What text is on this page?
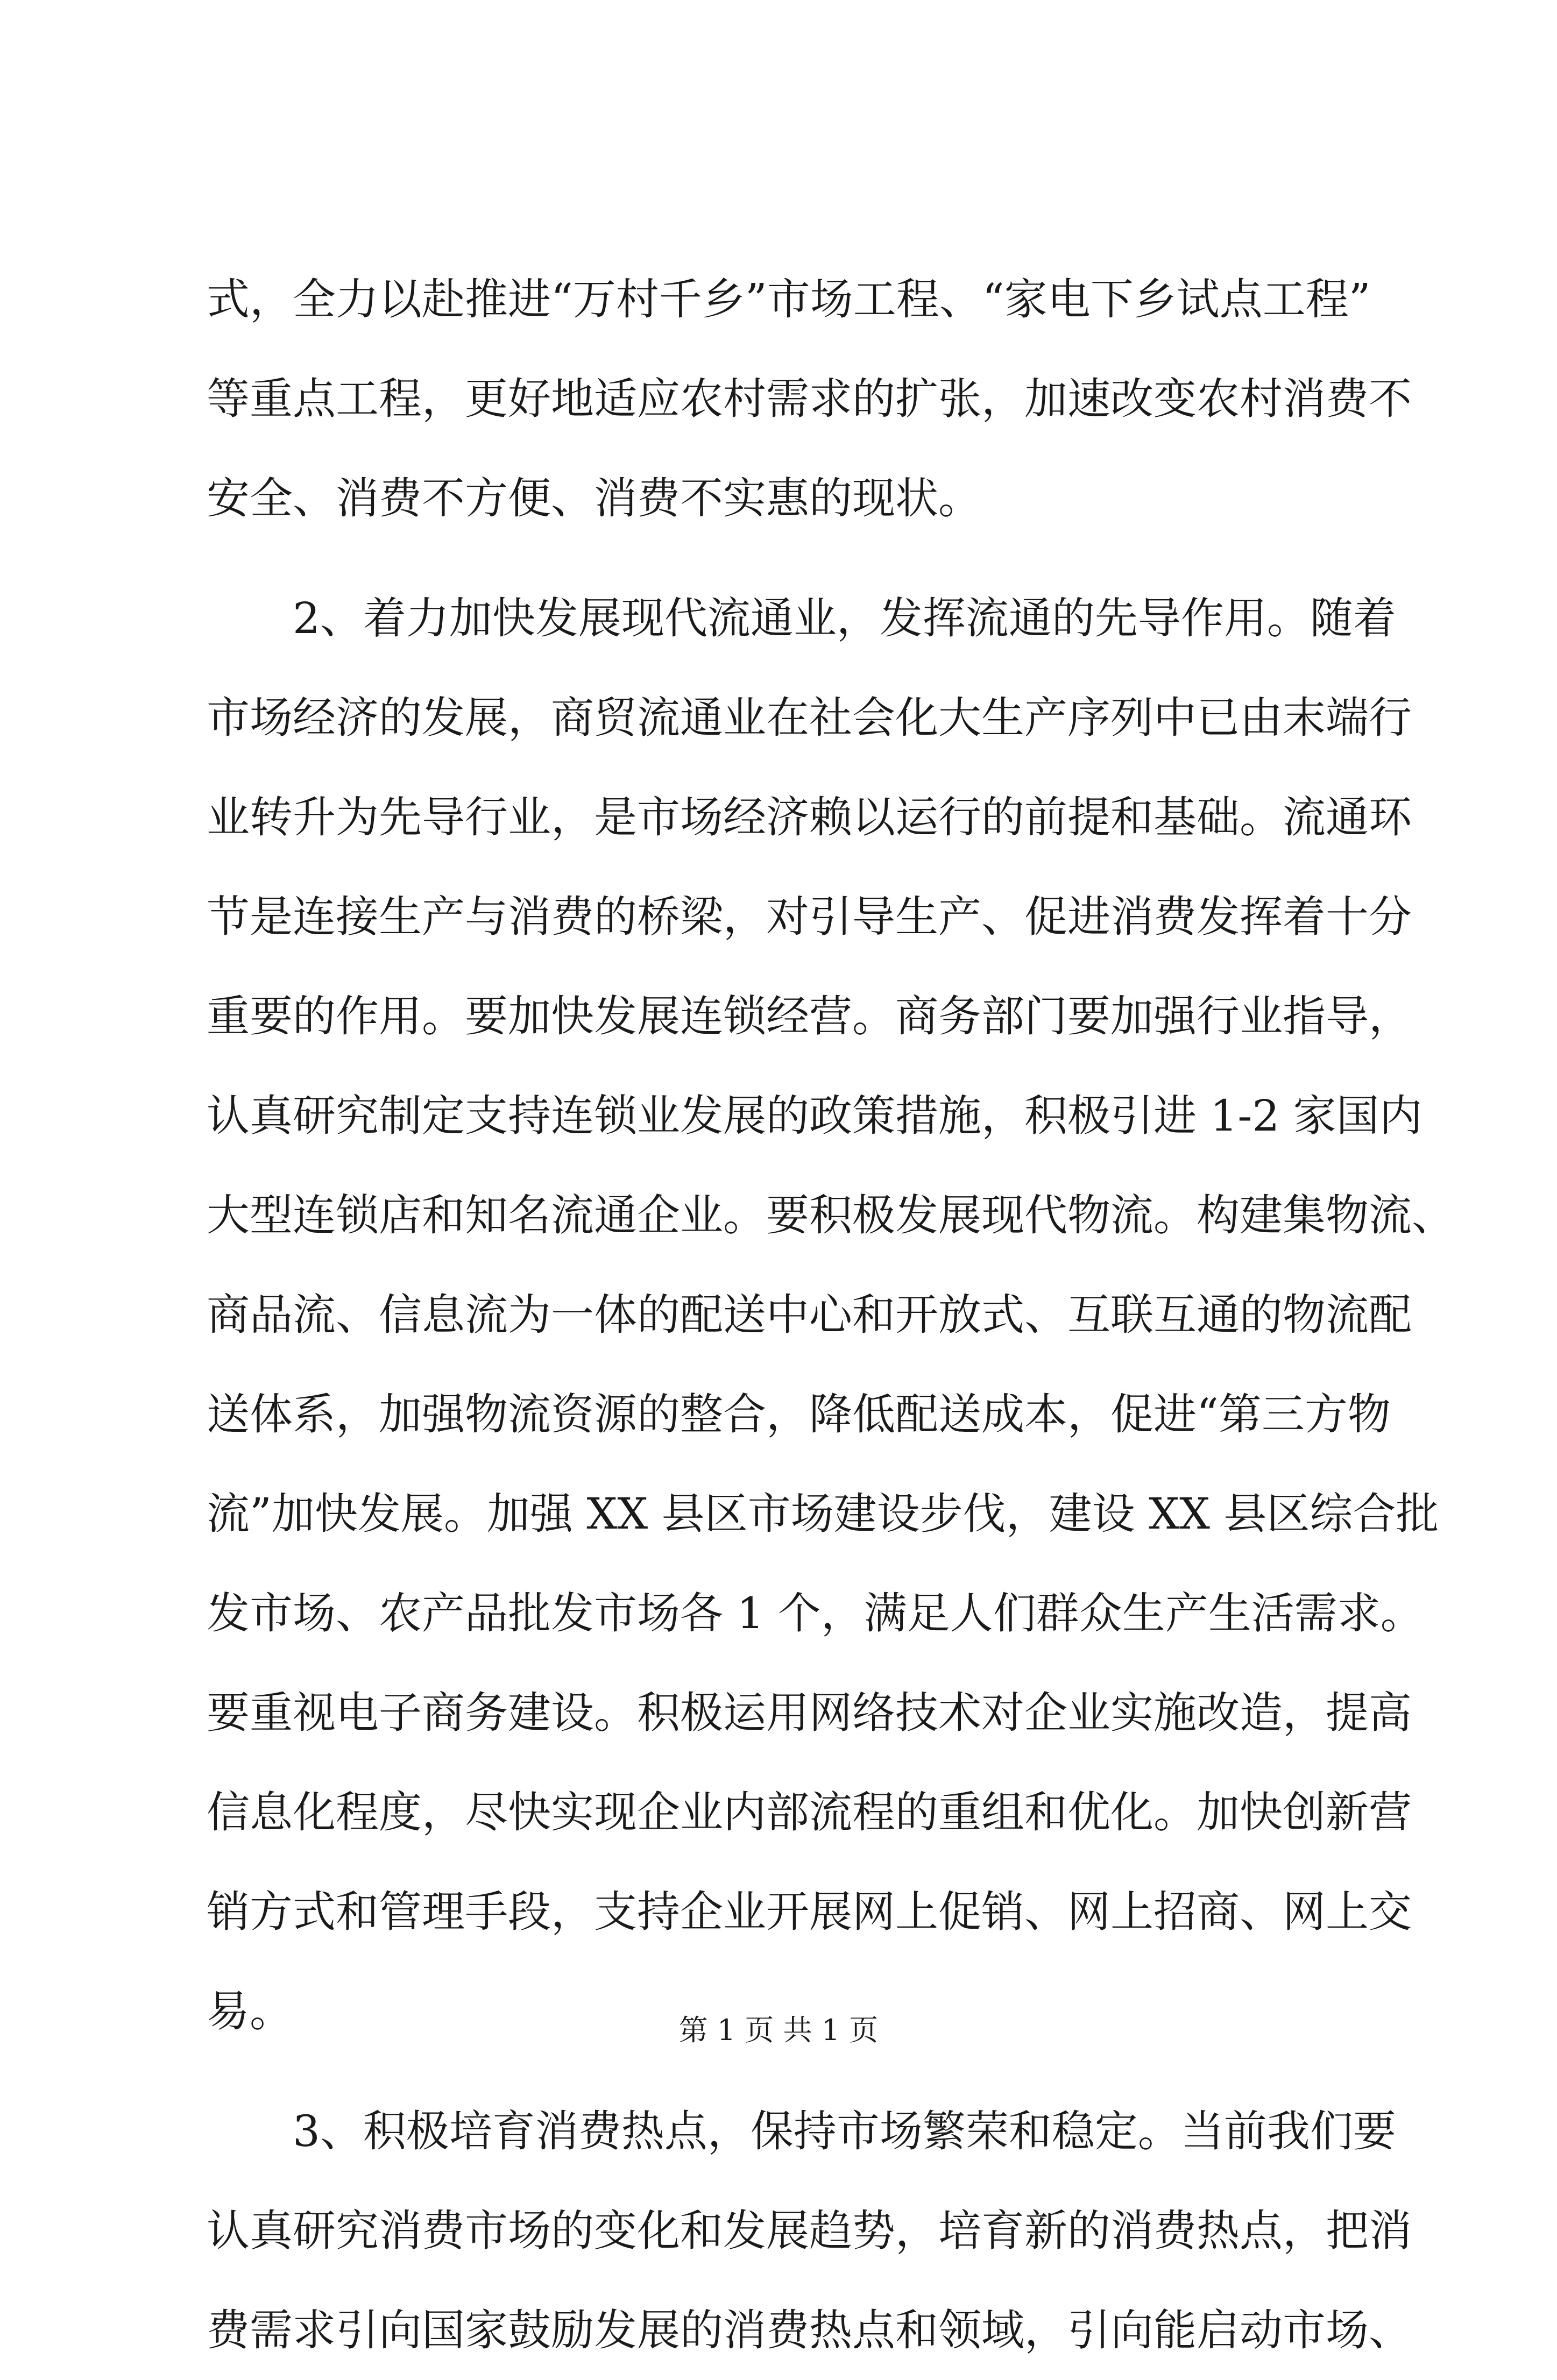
式，全力以赴推进“万村千乡”市场工程、“家电下乡试点工程”
等重点工程，更好地适应农村需求的扩张，加速改变农村消费不
安全、消费不方便、消费不实惠的现状。
2、着力加快发展现代流通业，发挥流通的先导作用。随着
市场经济的发展，商贸流通业在社会化大生产序列中已由末端行
业转升为先导行业，是市场经济赖以运行的前提和基础。流通环
节是连接生产与消费的桥梁，对引导生产、促进消费发挥着十分
重要的作用。要加快发展连锁经营。商务部门要加强行业指导，
认真研究制定支持连锁业发展的政策措施，积极引进 1-2 家国内
大型连锁店和知名流通企业。要积极发展现代物流。构建集物流、
商品流、信息流为一体的配送中心和开放式、互联互通的物流配
送体系，加强物流资源的整合，降低配送成本，促进“第三方物
流”加快发展。加强 XX 县区市场建设步伐，建设 XX 县区综合批
发市场、农产品批发市场各 1 个，满足人们群众生产生活需求。
要重视电子商务建设。积极运用网络技术对企业实施改造，提高
信息化程度，尽快实现企业内部流程的重组和优化。加快创新营
销方式和管理手段，支持企业开展网上促销、网上招商、网上交
易。
3、积极培育消费热点，保持市场繁荣和稳定。当前我们要
认真研究消费市场的变化和发展趋势，培育新的消费热点，把消
费需求引向国家鼓励发展的消费热点和领域，引向能启动市场、
第 1 页 共 1 页
